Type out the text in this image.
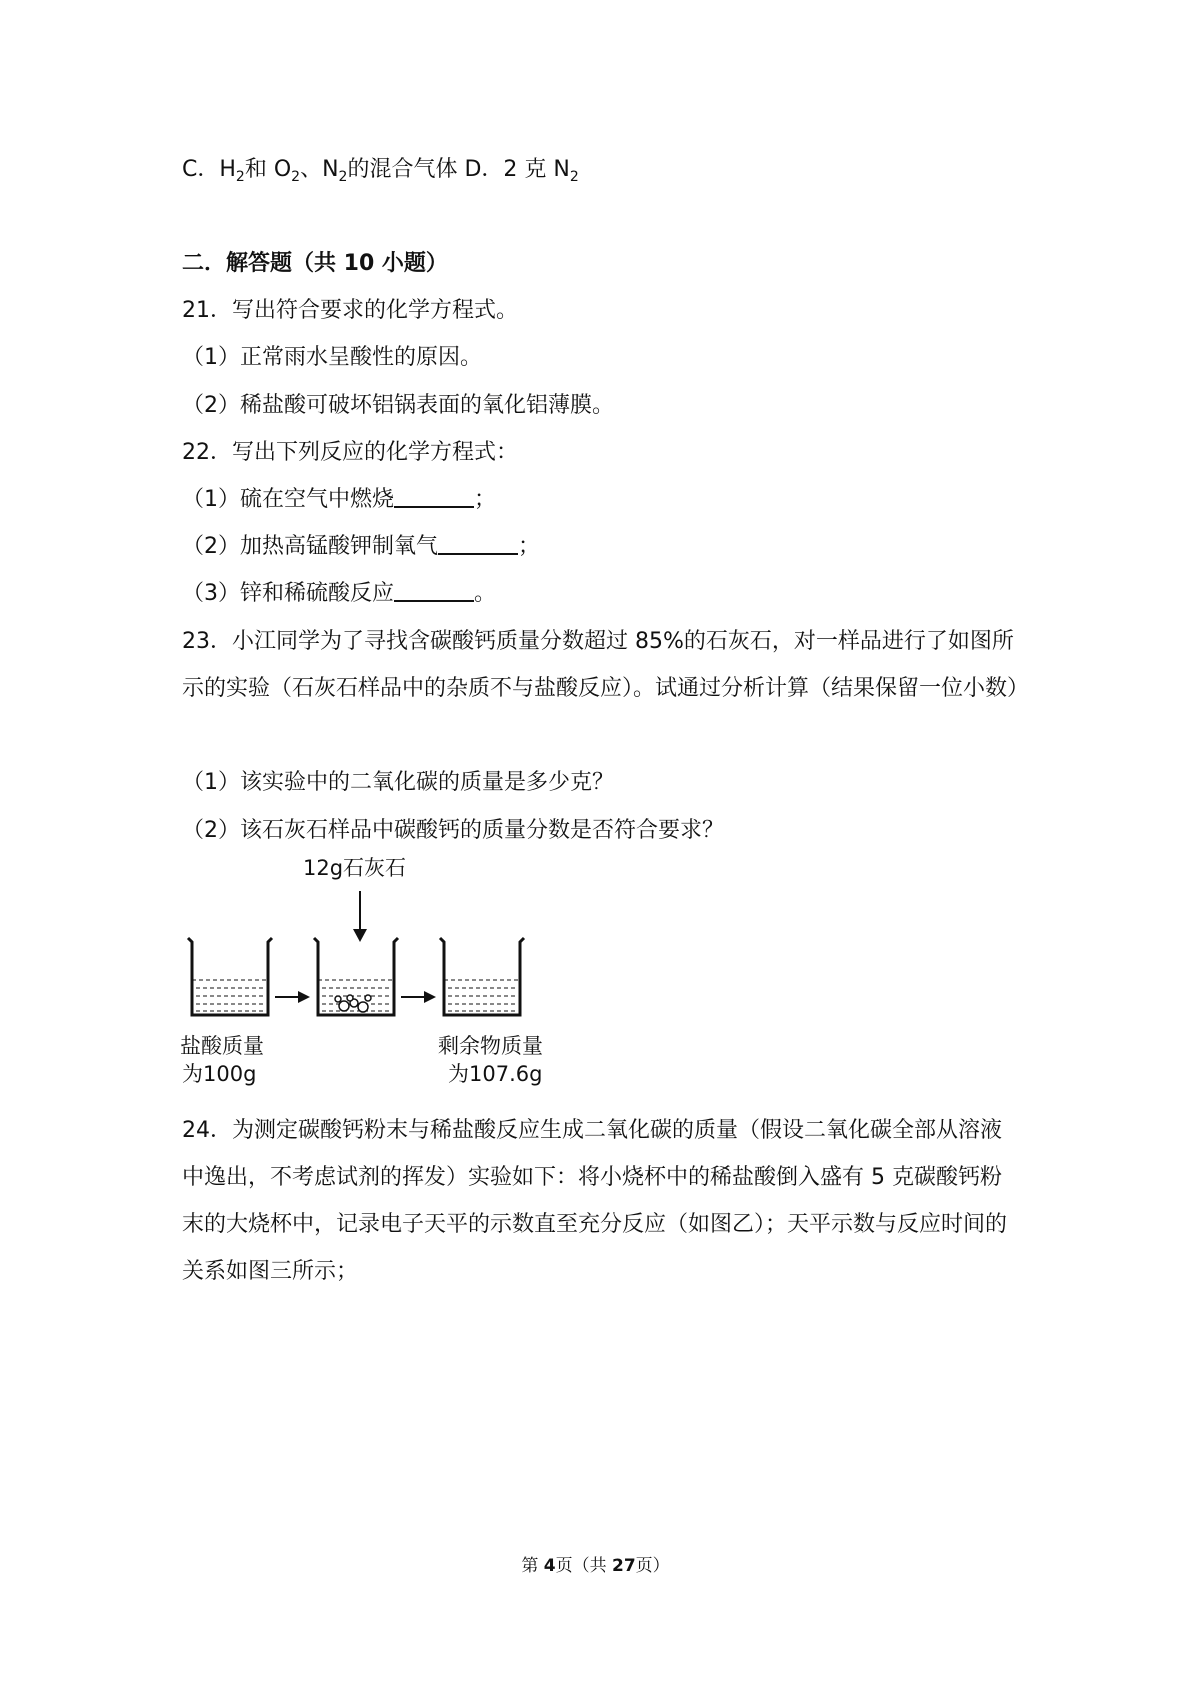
C．$H_2$和 $O_2$、$N_2$的混合气体 D．2 克 $N_2$
二．解答题（共 10 小题）
21．写出符合要求的化学方程式。
（1）正常雨水呈酸性的原因。
（2）稀盐酸可破坏铝锅表面的氧化铝薄膜。
22．写出下列反应的化学方程式：
（1）硫在空气中燃烧	；
（2）加热高锰酸钾制氧气	；
（3）锌和稀硫酸反应	。
23．小江同学为了寻找含碳酸钙质量分数超过 85%的石灰石，对一样品进行了如图所示的实验（石灰石样品中的杂质不与盐酸反应）。试通过分析计算（结果保留一位小数）
（1）该实验中的二氧化碳的质量是多少克？
（2）该石灰石样品中碳酸钙的质量分数是否符合要求？
12g石灰石
盐酸质量
为100g
剩余物质量
为107.6g
24．为测定碳酸钙粉末与稀盐酸反应生成二氧化碳的质量（假设二氧化碳全部从溶液中逸出，不考虑试剂的挥发）实验如下：将小烧杯中的稀盐酸倒入盛有 5 克碳酸钙粉末的大烧杯中，记录电子天平的示数直至充分反应（如图乙）；天平示数与反应时间的关系如图三所示；
第 4页（共 27页）
